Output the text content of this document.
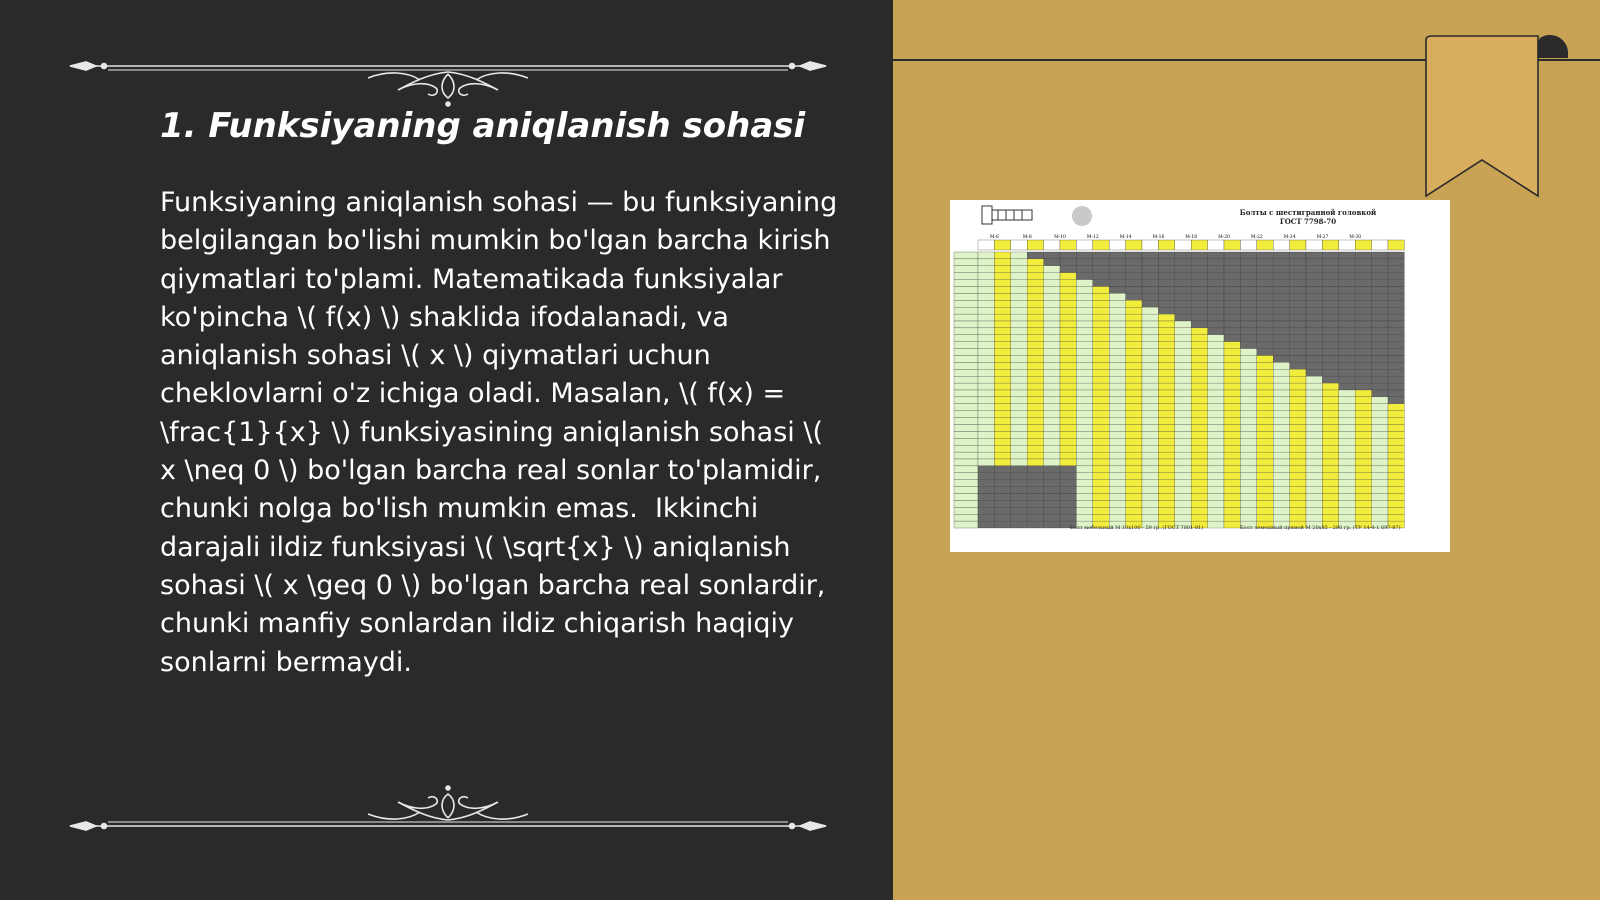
1. Funksiyaning aniqlanish sohasi

Funksiyaning aniqlanish sohasi — bu funksiyaning belgilangan bo'lishi mumkin bo'lgan barcha kirish qiymatlari to'plami. Matematikada funksiyalar ko'pincha \( f(x) \) shaklida ifodalanadi, va aniqlanish sohasi \( x \) qiymatlari uchun cheklovlarni o'z ichiga oladi. Masalan, \( f(x) = \frac{1}{x} \) funksiyasining aniqlanish sohasi \( x \neq 0 \) bo'lgan barcha real sonlar to'plamidir, chunki nolga bo'lish mumkin emas.  Ikkinchi darajali ildiz funksiyasi \( \sqrt{x} \) aniqlanish sohasi \( x \geq 0 \) bo'lgan barcha real sonlardir, chunki manfiy sonlardan ildiz chiqarish haqiqiy sonlarni bermaydi.

Болты с шестигранной головкой
ГОСТ 7798-70
M-6	M-8	M-10	M-12	M-14	M-16	M-18	M-20	M-22	M-24	M-27	M-30
Болт мебельный М 10х100 - 59 гр. (ГОСТ 7801-81)	Болт лемешный прямой М 20х85 - 280 гр. (ТУ 14-4-1 697-87)
